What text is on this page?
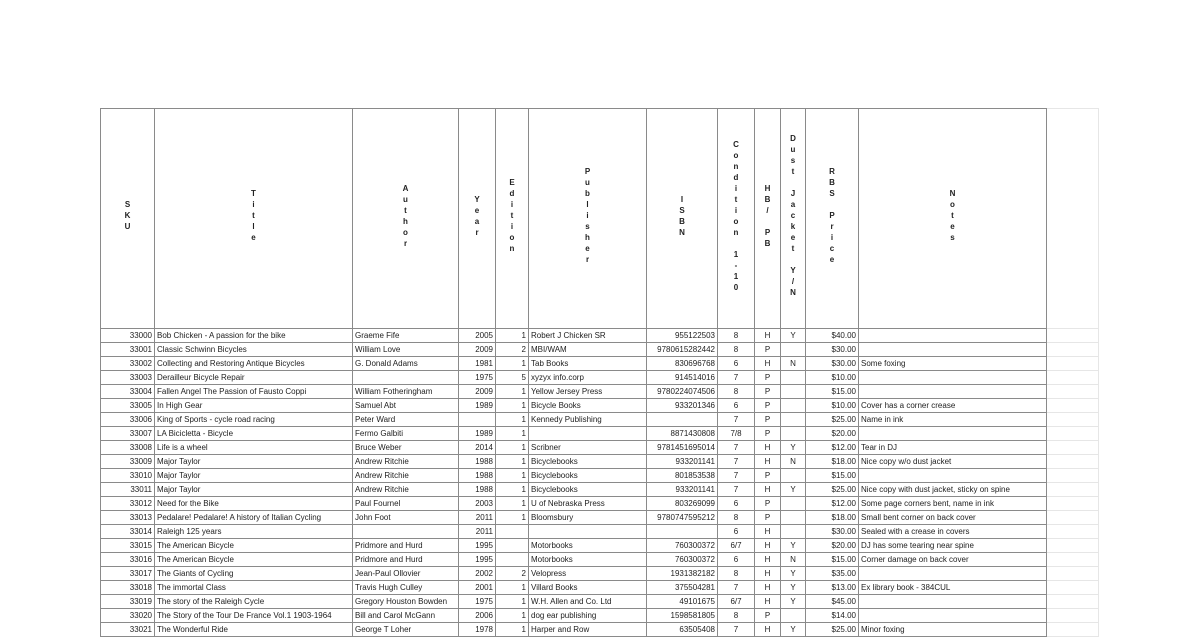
SKU	Title	Author	Year	Edition	Publisher	ISBN	Condition 1-10	HB/ PB	Dust Jacket Y/N	RBS Price	Notes	
33000	Bob Chicken - A passion for the bike	Graeme Fife	2005	1	Robert J Chicken SR	955122503	8	H	Y	$40.00		
33001	Classic Schwinn Bicycles	William Love	2009	2	MBI/WAM	9780615282442	8	P		$30.00		
33002	Collecting and Restoring Antique Bicycles	G. Donald Adams	1981	1	Tab Books	830696768	6	H	N	$30.00	Some foxing	
33003	Derailleur Bicycle Repair		1975	5	xyzyx info.corp	914514016	7	P		$10.00		
33004	Fallen Angel The Passion of Fausto Coppi	William Fotheringham	2009	1	Yellow Jersey Press	9780224074506	8	P		$15.00		
33005	In High Gear	Samuel Abt	1989	1	Bicycle Books	933201346	6	P		$10.00	Cover has a corner crease	
33006	King of Sports - cycle road racing	Peter Ward		1	Kennedy Publishing		7	P		$25.00	Name in ink	
33007	LA Bicicletta - Bicycle	Fermo Galbiti	1989	1		8871430808	7/8	P		$20.00		
33008	Life is a wheel	Bruce Weber	2014	1	Scribner	9781451695014	7	H	Y	$12.00	Tear in DJ	
33009	Major Taylor	Andrew Ritchie	1988	1	Bicyclebooks	933201141	7	H	N	$18.00	Nice copy w/o dust jacket	
33010	Major Taylor	Andrew Ritchie	1988	1	Bicyclebooks	801853538	7	P		$15.00		
33011	Major Taylor	Andrew Ritchie	1988	1	Bicyclebooks	933201141	7	H	Y	$25.00	Nice copy with dust jacket, sticky on spine	
33012	Need for the Bike	Paul Fournel	2003	1	U of Nebraska Press	803269099	6	P		$12.00	Some page corners bent, name in ink	
33013	Pedalare! Pedalare! A history of Italian Cycling	John Foot	2011	1	Bloomsbury	9780747595212	8	P		$18.00	Small bent corner on back cover	
33014	Raleigh 125 years		2011				6	H		$30.00	Sealed with a crease in covers	
33015	The American Bicycle	Pridmore and Hurd	1995		Motorbooks	760300372	6/7	H	Y	$20.00	DJ has some tearing near spine	
33016	The American Bicycle	Pridmore and Hurd	1995		Motorbooks	760300372	6	H	N	$15.00	Corner damage on back cover	
33017	The Giants of Cycling	Jean-Paul Ollovier	2002	2	Velopress	1931382182	8	H	Y	$35.00		
33018	The immortal Class	Travis Hugh Culley	2001	1	Villard Books	375504281	7	H	Y	$13.00	Ex library book - 384CUL	
33019	The story of the Raleigh Cycle	Gregory Houston Bowden	1975	1	W.H. Allen and Co. Ltd	49101675	6/7	H	Y	$45.00		
33020	The Story of the Tour De France Vol.1 1903-1964	Bill and Carol McGann	2006	1	dog ear publishing	1598581805	8	P		$14.00		
33021	The Wonderful Ride	George T Loher	1978	1	Harper and Row	63505408	7	H	Y	$25.00	Minor foxing	
